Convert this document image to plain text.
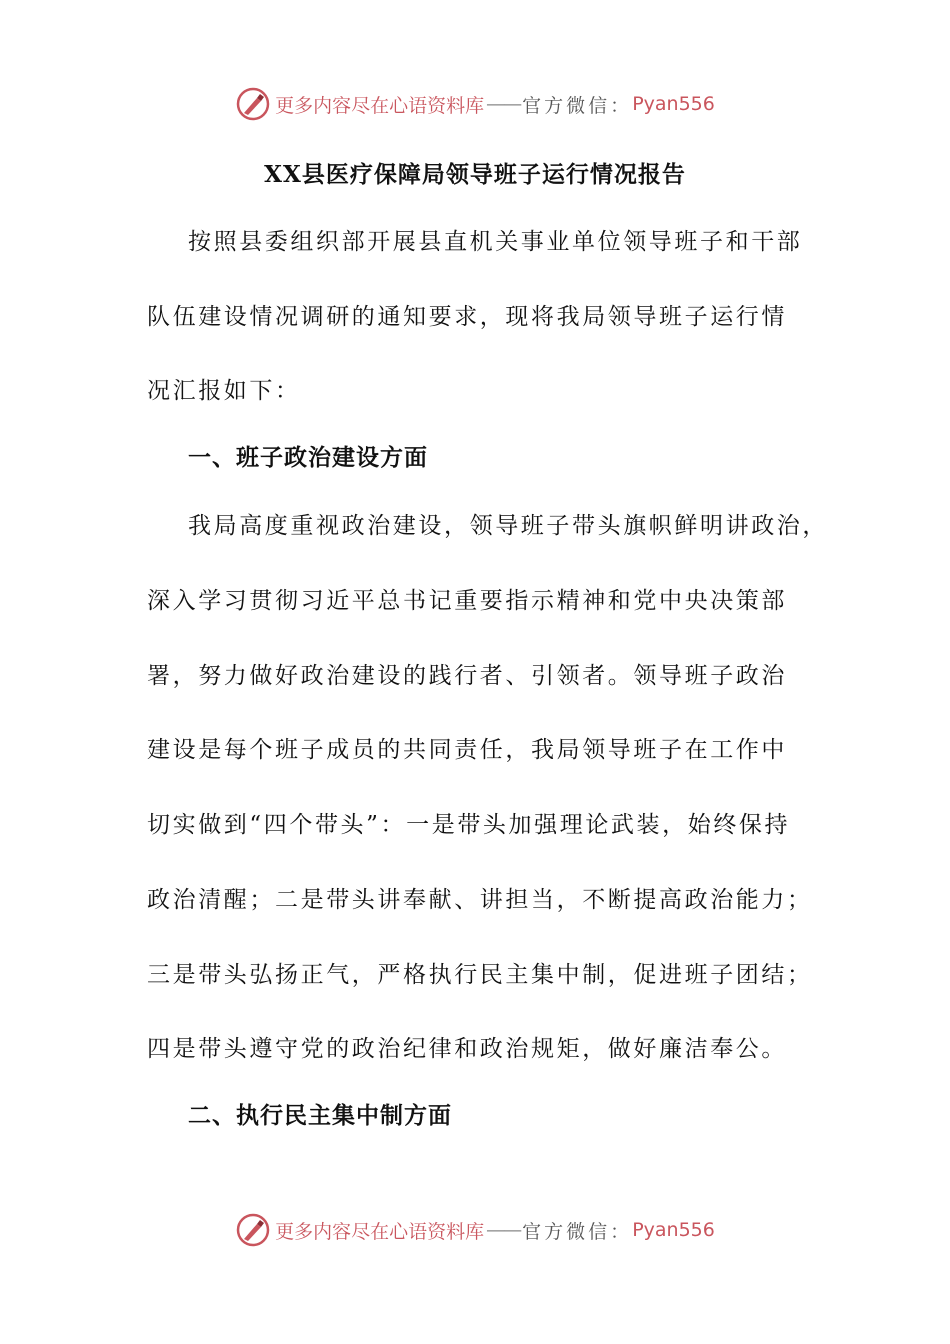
更多内容尽在心语资料库 —— 官方微信： Pyan556
XX县医疗保障局领导班子运行情况报告
按照县委组织部开展县直机关事业单位领导班子和干部
队伍建设情况调研的通知要求，现将我局领导班子运行情
况汇报如下：
一、班子政治建设方面
我局高度重视政治建设，领导班子带头旗帜鲜明讲政治，
深入学习贯彻习近平总书记重要指示精神和党中央决策部
署，努力做好政治建设的践行者、引领者。领导班子政治
建设是每个班子成员的共同责任，我局领导班子在工作中
切实做到“四个带头”：一是带头加强理论武装，始终保持
政治清醒；二是带头讲奉献、讲担当，不断提高政治能力；
三是带头弘扬正气，严格执行民主集中制，促进班子团结；
四是带头遵守党的政治纪律和政治规矩，做好廉洁奉公。
二、执行民主集中制方面
更多内容尽在心语资料库 —— 官方微信： Pyan556
